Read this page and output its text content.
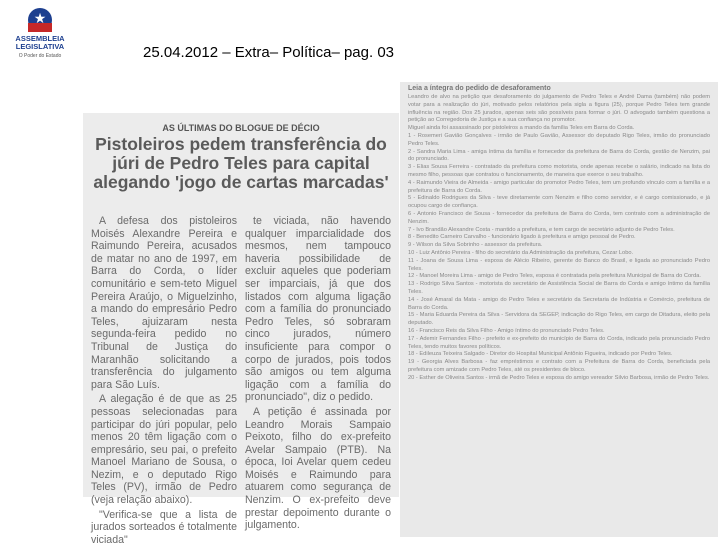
★
ASSEMBLEIA
LEGISLATIVA
O Poder do Estado	25.04.2012 – Extra– Política– pag. 03
AS ÚLTIMAS DO BLOGUE DE DÉCIO
Pistoleiros pedem transferência do júri de Pedro Teles para capital alegando 'jogo de cartas marcadas'

A defesa dos pistoleiros Moisés Alexandre Pereira e Raimundo Pereira, acusados de matar no ano de 1997, em Barra do Corda, o líder comunitário e sem-teto Miguel Pereira Araújo, o Miguelzinho, a mando do empresário Pedro Teles, ajuizaram nesta segunda-feira pedido no Tribunal de Justiça do Maranhão solicitando a transferência do julgamento para São Luís.

A alegação é de que as 25 pessoas selecionadas para participar do júri popular, pelo menos 20 têm ligação com o empresário, seu pai, o prefeito Manoel Mariano de Sousa, o Nezim, e o deputado Rigo Teles (PV), irmão de Pedro (veja relação abaixo).

"Verifica-se que a lista de jurados sorteados é totalmente viciada"

te viciada, não havendo qualquer imparcialidade dos mesmos, nem tampouco haveria possibilidade de excluir aqueles que poderiam ser imparciais, já que dos listados com alguma ligação com a família do pronunciado Pedro Teles, só sobraram cinco jurados, número insuficiente para compor o corpo de jurados, pois todos são amigos ou tem alguma ligação com a família do pronunciado", diz o pedido.

A petição é assinada por Leandro Morais Sampaio Peixoto, filho do ex-prefeito Avelar Sampaio (PTB). Na época, Ioi Avelar quem cedeu Moisés e Raimundo para atuarem como segurança de Nenzim. O ex-prefeito deve prestar depoimento durante o julgamento.

Leia a íntegra do pedido de desaforamento

Leandro de alvo na petição que desaforamento do julgamento de Pedro Teles e André Dama (também) não podem votar para a realização do júri, motivado pelos relatórios pela sigla a figura (25), porque Pedro Teles tem grande influência na região. Dos 25 jurados, apenas seis são possíveis para formar o júri. O advogado também questiona a petição ao Corregedoria de Justiça e a sua confiança no promotor.

Miguel ainda foi assassinado por pistoleiros a mando da família Teles em Barra do Corda.

1 - Rosemeri Gavião Gonçalves - irmão de Paulo Gavião, Assessor do deputado Rigo Teles, irmão do pronunciado Pedro Teles.

2 - Sandra Maria Lima - amiga íntima da família e fornecedor da prefeitura de Barra do Corda, gestão de Nenzim, pai do pronunciado.

3 - Elias Sousa Ferreira - contratado da prefeitura como motorista, onde apenas recebe o salário, indicado na lista do mesmo filho, pessoas que contratou o funcionamento, de maneira que exerce o seu trabalho.

4 - Raimundo Vieira de Almeida - amigo particular do promotor Pedro Teles, tem um profundo vínculo com a família e a prefeitura de Barra do Corda.

5 - Edinaldo Rodrigues da Silva - teve diretamente com Nenzim e filho como servidor, e é cargo comissionado, e já ocupou cargo de confiança.

6 - Antonio Francisco de Sousa - fornecedor da prefeitura de Barra do Corda, tem contrato com a administração de Nenzim.

7 - Ivo Brandão Alexandre Costa - mantido a prefeitura, e tem cargo de secretário adjunto de Pedro Teles.

8 - Benedito Carneiro Carvalho - funcionário ligado à prefeitura e amigo pessoal de Pedro.

9 - Wilson da Silva Sobrinho - assessor da prefeitura.

10 - Luiz Antônio Pereira - filho do secretário da Administração da prefeitura, Cezar Lobo.

11 - Joana de Sousa Lima - esposa de Alécio Ribeiro, gerente do Banco do Brasil, e ligada ao pronunciado Pedro Teles.

12 - Manoel Moreira Lima - amigo de Pedro Teles, esposa é contratada pela prefeitura Municipal de Barra do Corda.

13 - Rodrigo Silva Santos - motorista do secretário de Assistência Social de Barra do Corda e amigo íntimo da família Teles.

14 - José Amaral da Mata - amigo do Pedro Teles e secretário da Secretaria de Indústria e Comércio, prefeitura de Barra do Corda.

15 - Maria Eduarda Pereira da Silva - Servidora da SEGEP, indicação do Rigo Teles, em cargo de Ditadura, eleito pela deputado.

16 - Francisco Reis da Silva Filho - Amigo íntimo do pronunciado Pedro Teles.

17 - Ademir Fernandes Filho - prefeito e ex-prefeito do município de Barra do Corda, indicado pela pronunciado Pedro Teles, tendo muitos favores políticos.

18 - Edileuza Teixeira Salgado - Diretor do Hospital Municipal Antônio Figueira, indicado por Pedro Teles.

19 - Georgia Alves Barbosa - faz empréstimos e contrato com a Prefeitura de Barra do Corda, beneficiada pela prefeitura com amizade com Pedro Teles, até os presidentes de bloco.

20 - Esther de Oliveira Santos - irmã de Pedro Teles e esposa do amigo vereador Silvio Barbosa, irmão de Pedro Teles.
